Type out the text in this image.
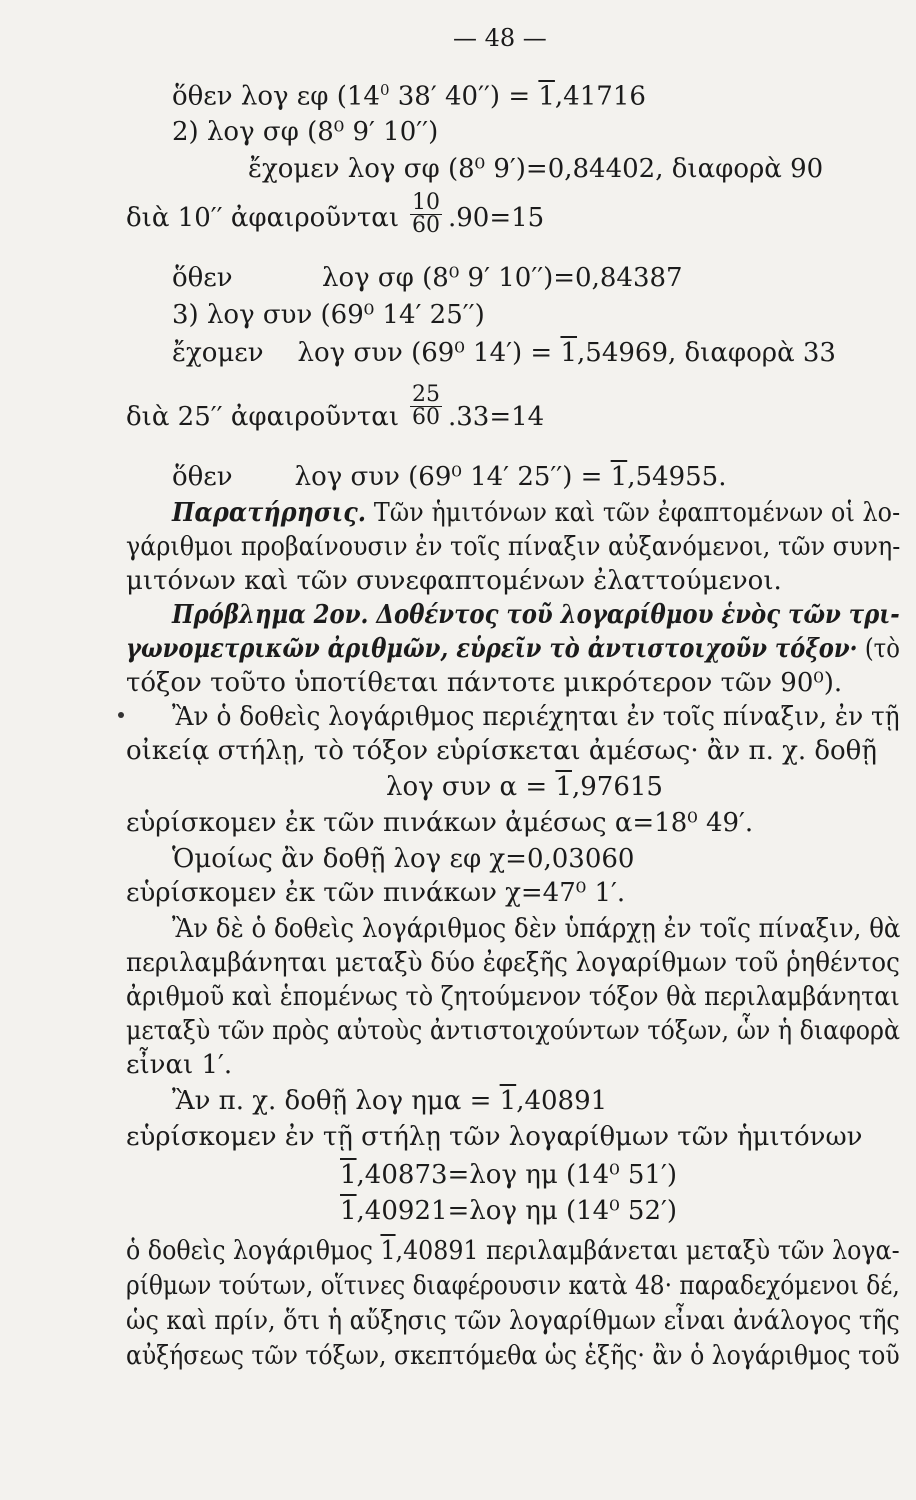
— 48 —
ὅθεν λογ εφ ($14^0$ 38′ 40′′) = 1,41716
2) λογ σφ (8⁰ 9′ 10′′)
ἔχομεν λογ σφ (8⁰ 9′)=0,84402, διαφορὰ 90
διὰ 10′′ ἀφαιροῦνται $\frac{10}{60} .90=15$
ὅθεν	λογ σφ (8⁰ 9′ 10′′)=0,84387
3) λογ συν (69⁰ 14′ 25′′)
ἔχομεν λογ συν (69⁰ 14′) = 1,54969, διαφορὰ 33
διὰ 25′′ ἀφαιροῦνται $\frac{25}{60} .33=14$
ὅθεν λογ συν (69⁰ 14′ 25′′) = 1,54955.
Παρατήρησις. Τῶν ἡμιτόνων καὶ τῶν ἐφαπτομένων οἱ λο-
γάριθμοι προβαίνουσιν ἐν τοῖς πίναξιν αὐξανόμενοι, τῶν συνη-
μιτόνων καὶ τῶν συνεφαπτομένων ἐλαττούμενοι.
Πρόβλημα 2ον. Δοθέντος τοῦ λογαρίθμου ἑνὸς τῶν τρι-
γωνομετρικῶν ἀριθμῶν, εὑρεῖν τὸ ἀντιστοιχοῦν τόξον· (τὸ
τόξον τοῦτο ὑποτίθεται πάντοτε μικρότερον τῶν 90⁰).
Ἂν ὁ δοθεὶς λογάριθμος περιέχηται ἐν τοῖς πίναξιν, ἐν τῇ
οἰκείᾳ στήλῃ, τὸ τόξον εὑρίσκεται ἀμέσως· ἂν π. χ. δοθῇ
λογ συν α = 1,97615
εὑρίσκομεν ἐκ τῶν πινάκων ἀμέσως α=18⁰ 49′.
Ὁμοίως ἂν δοθῇ λογ εφ χ=0,03060
εὑρίσκομεν ἐκ τῶν πινάκων χ=47⁰ 1′.
Ἂν δὲ ὁ δοθεὶς λογάριθμος δὲν ὑπάρχῃ ἐν τοῖς πίναξιν, θὰ
περιλαμβάνηται μεταξὺ δύο ἐφεξῆς λογαρίθμων τοῦ ῥηθέντος
ἀριθμοῦ καὶ ἑπομένως τὸ ζητούμενον τόξον θὰ περιλαμβάνηται
μεταξὺ τῶν πρὸς αὐτοὺς ἀντιστοιχούντων τόξων, ὧν ἡ διαφορὰ
εἶναι 1′.
Ἂν π. χ. δοθῇ λογ ημα = 1,40891
εὑρίσκομεν ἐν τῇ στήλῃ τῶν λογαρίθμων τῶν ἡμιτόνων
1,40873=λογ ημ (14⁰ 51′)
1,40921=λογ ημ (14⁰ 52′)
ὁ δοθεὶς λογάριθμος 1,40891 περιλαμβάνεται μεταξὺ τῶν λογα-
ρίθμων τούτων, οἵτινες διαφέρουσιν κατὰ 48· παραδεχόμενοι δέ,
ὡς καὶ πρίν, ὅτι ἡ αὔξησις τῶν λογαρίθμων εἶναι ἀνάλογος τῆς
αὐξήσεως τῶν τόξων, σκεπτόμεθα ὡς ἑξῆς· ἂν ὁ λογάριθμος τοῦ
